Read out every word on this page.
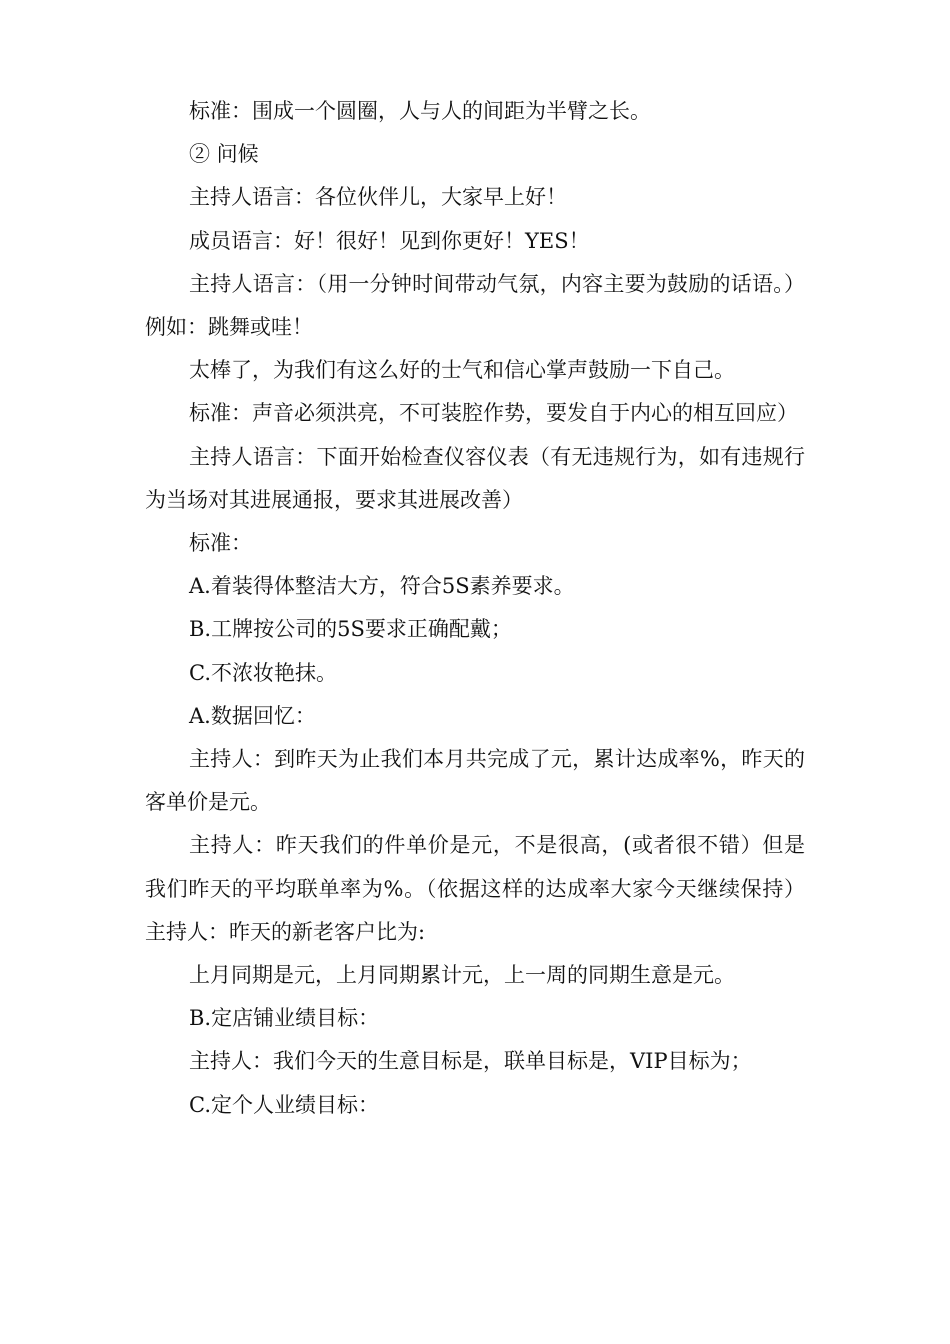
标准：围成一个圆圈，人与人的间距为半臂之长。

② 问候

主持人语言：各位伙伴儿，大家早上好！

成员语言：好！很好！见到你更好！YES！

主持人语言：（用一分钟时间带动气氛，内容主要为鼓励的话语。）例如：跳舞或哇！

太棒了，为我们有这么好的士气和信心掌声鼓励一下自己。

标准：声音必须洪亮，不可装腔作势，要发自于内心的相互回应）

主持人语言：下面开始检查仪容仪表（有无违规行为，如有违规行为当场对其进展通报，要求其进展改善）

标准：

A.着装得体整洁大方，符合5S素养要求。

B.工牌按公司的5S要求正确配戴；

C.不浓妆艳抹。

A.数据回忆：

主持人：到昨天为止我们本月共完成了元，累计达成率%，昨天的客单价是元。

主持人：昨天我们的件单价是元，不是很高，(或者很不错）但是我们昨天的平均联单率为%。（依据这样的达成率大家今天继续保持） 主持人：昨天的新老客户比为:

上月同期是元，上月同期累计元，上一周的同期生意是元。

B.定店铺业绩目标：

主持人：我们今天的生意目标是，联单目标是，VIP目标为；

C.定个人业绩目标：
